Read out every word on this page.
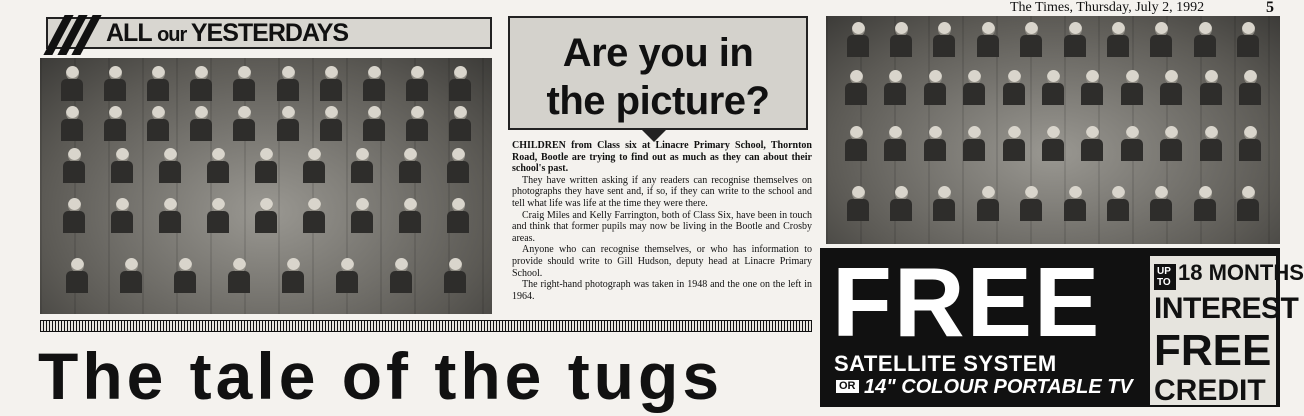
The Times, Thursday, July 2, 1992	5
ALL our YESTERDAYS	Are you in
the picture?

CHILDREN from Class six at Linacre Primary School, Thornton Road, Bootle are trying to find out as much as they can about their school's past.

They have written asking if any readers can recognise themselves on photographs they have sent and, if so, if they can write to the school and tell what life was life at the time they were there.

Craig Miles and Kelly Farrington, both of Class Six, have been in touch and think that former pupils may now be living in the Bootle and Crosby areas.

Anyone who can recognise themselves, or who has information to provide should write to Gill Hudson, deputy head at Linacre Primary School.

The right-hand photograph was taken in 1948 and the one on the left in 1964.

The tale of the tugs
FREE
SATELLITE SYSTEM
OR 14" COLOUR PORTABLE TV
UP TO 18 MONTHS
INTEREST
FREE
CREDIT
